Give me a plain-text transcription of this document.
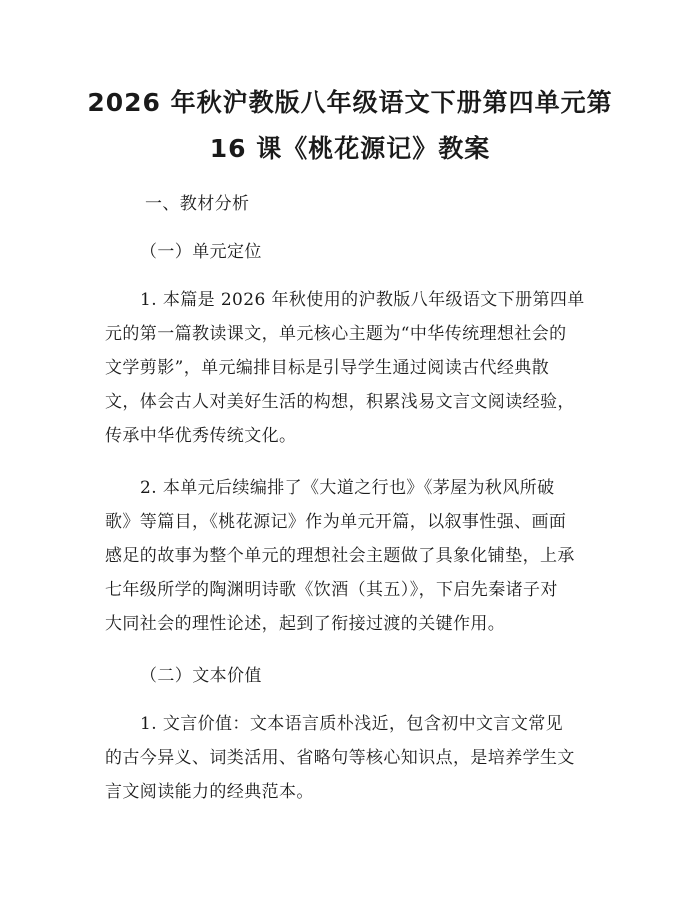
2026 年秋沪教版八年级语文下册第四单元第
16 课《桃花源记》教案

一、教材分析

（一）单元定位

1. 本篇是 2026 年秋使用的沪教版八年级语文下册第四单

元的第一篇教读课文，单元核心主题为“中华传统理想社会的

文学剪影”，单元编排目标是引导学生通过阅读古代经典散

文，体会古人对美好生活的构想，积累浅易文言文阅读经验，

传承中华优秀传统文化。

2. 本单元后续编排了《大道之行也》《茅屋为秋风所破

歌》等篇目，《桃花源记》作为单元开篇，以叙事性强、画面

感足的故事为整个单元的理想社会主题做了具象化铺垫，上承

七年级所学的陶渊明诗歌《饮酒（其五）》，下启先秦诸子对

大同社会的理性论述，起到了衔接过渡的关键作用。

（二）文本价值

1. 文言价值：文本语言质朴浅近，包含初中文言文常见

的古今异义、词类活用、省略句等核心知识点，是培养学生文

言文阅读能力的经典范本。
